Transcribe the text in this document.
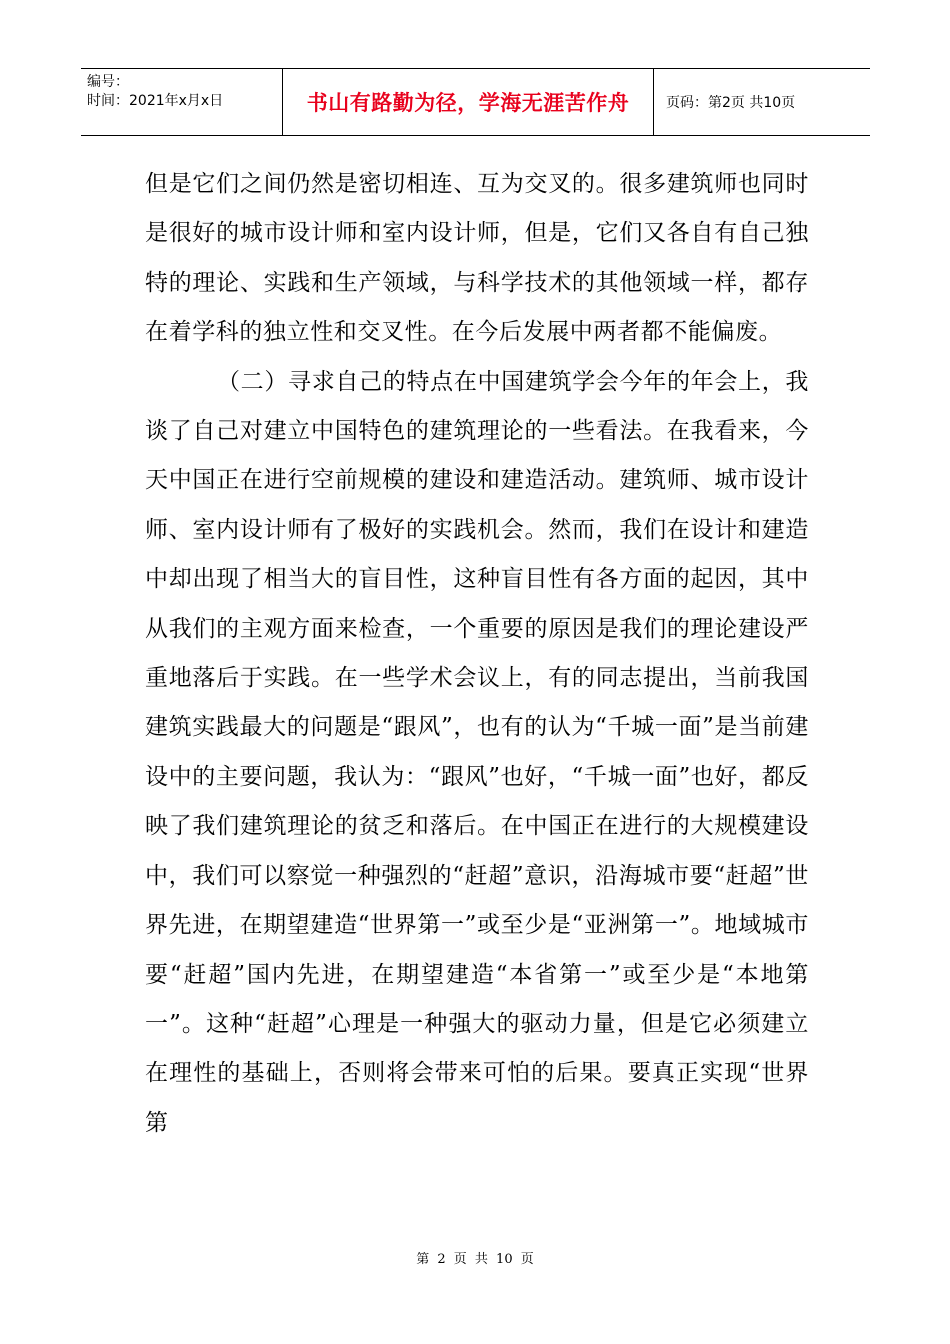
编号：
时间：2021年x月x日	书山有路勤为径，学海无涯苦作舟	页码：第2页 共10页

但是它们之间仍然是密切相连、互为交叉的。很多建筑师也同时是很好的城市设计师和室内设计师，但是，它们又各自有自己独特的理论、实践和生产领域，与科学技术的其他领域一样，都存在着学科的独立性和交叉性。在今后发展中两者都不能偏废。

（二）寻求自己的特点在中国建筑学会今年的年会上，我谈了自己对建立中国特色的建筑理论的一些看法。在我看来，今天中国正在进行空前规模的建设和建造活动。建筑师、城市设计师、室内设计师有了极好的实践机会。然而，我们在设计和建造中却出现了相当大的盲目性，这种盲目性有各方面的起因，其中从我们的主观方面来检查，一个重要的原因是我们的理论建设严重地落后于实践。在一些学术会议上，有的同志提出，当前我国建筑实践最大的问题是“跟风”，也有的认为“千城一面”是当前建设中的主要问题，我认为：“跟风”也好，“千城一面”也好，都反映了我们建筑理论的贫乏和落后。在中国正在进行的大规模建设中，我们可以察觉一种强烈的“赶超”意识，沿海城市要“赶超”世界先进，在期望建造“世界第一”或至少是“亚洲第一”。地域城市要“赶超”国内先进，在期望建造“本省第一”或至少是“本地第一”。这种“赶超”心理是一种强大的驱动力量，但是它必须建立在理性的基础上，否则将会带来可怕的后果。要真正实现“世界第

第 2 页 共 10 页
